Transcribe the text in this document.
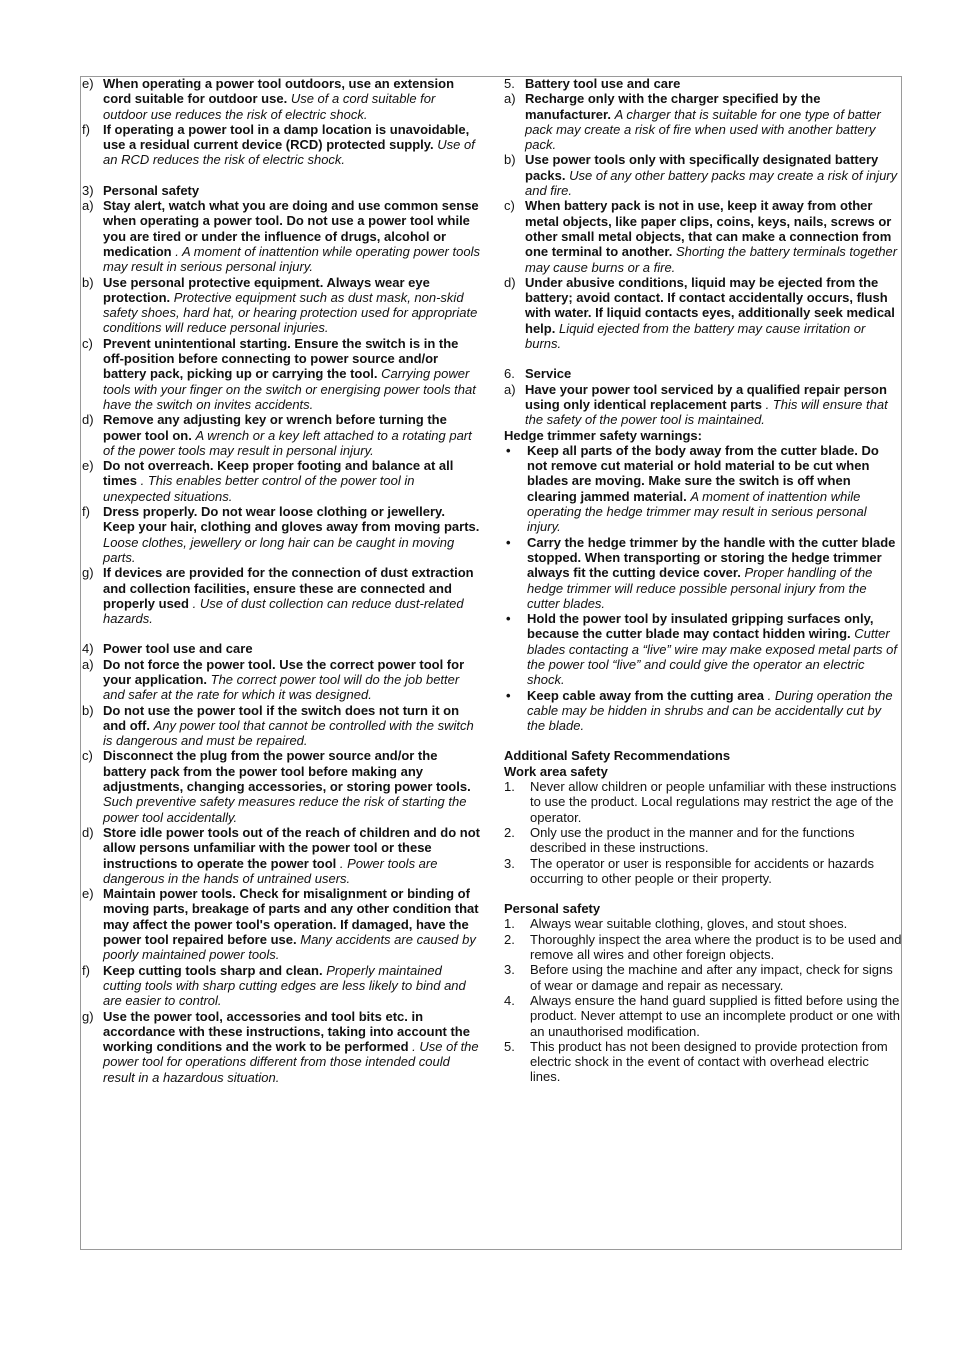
e) When operating a power tool outdoors, use an extension cord suitable for outdoor use. Use of a cord suitable for outdoor use reduces the risk of electric shock.
f)	If operating a power tool in a damp location is unavoidable, use a residual current device (RCD) protected supply. Use of an RCD reduces the risk of electric shock.
3) Personal safety
a) Stay alert, watch what you are doing and use common sense when operating a power tool. Do not use a power tool while you are tired or under the influence of drugs, alcohol or medication . A moment of inattention while operating power tools may result in serious personal injury.
b) Use personal protective equipment. Always wear eye protection. Protective equipment such as dust mask, non-skid safety shoes, hard hat, or hearing protection used for appropriate conditions will reduce personal injuries.
c) Prevent unintentional starting. Ensure the switch is in the off-position before connecting to power source and/or battery pack, picking up or carrying the tool. Carrying power tools with your finger on the switch or energising power tools that have the switch on invites accidents.
d) Remove any adjusting key or wrench before turning the power tool on. A wrench or a key left attached to a rotating part of the power tools may result in personal injury.
e) Do not overreach. Keep proper footing and balance at all times . This enables better control of the power tool in unexpected situations.
f)	Dress properly. Do not wear loose clothing or jewellery. Keep your hair, clothing and gloves away from moving parts. Loose clothes, jewellery or long hair can be caught in moving parts.
g) If devices are provided for the connection of dust extraction and collection facilities, ensure these are connected and properly used . Use of dust collection can reduce dust-related hazards.
4) Power tool use and care
a) Do not force the power tool. Use the correct power tool for your application. The correct power tool will do the job better and safer at the rate for which it was designed.
b) Do not use the power tool if the switch does not turn it on and off. Any power tool that cannot be controlled with the switch is dangerous and must be repaired.
c) Disconnect the plug from the power source and/or the battery pack from the power tool before making any adjustments, changing accessories, or storing power tools. Such preventive safety measures reduce the risk of starting the power tool accidentally.
d) Store idle power tools out of the reach of children and do not allow persons unfamiliar with the power tool or these instructions to operate the power tool . Power tools are dangerous in the hands of untrained users.
e) Maintain power tools. Check for misalignment or binding of moving parts, breakage of parts and any other condition that may affect the power tool's operation. If damaged, have the power tool repaired before use. Many accidents are caused by poorly maintained power tools.
f)	Keep cutting tools sharp and clean. Properly maintained cutting tools with sharp cutting edges are less likely to bind and are easier to control.
g) Use the power tool, accessories and tool bits etc. in accordance with these instructions, taking into account the working conditions and the work to be performed . Use of the power tool for operations different from those intended could result in a hazardous situation.
5. Battery tool use and care
a) Recharge only with the charger specified by the manufacturer. A charger that is suitable for one type of batter pack may create a risk of fire when used with another battery pack.
b) Use power tools only with specifically designated battery packs. Use of any other battery packs may create a risk of injury and fire.
c) When battery pack is not in use, keep it away from other metal objects, like paper clips, coins, keys, nails, screws or other small metal objects, that can make a connection from one terminal to another. Shorting the battery terminals together may cause burns or a fire.
d) Under abusive conditions, liquid may be ejected from the battery; avoid contact. If contact accidentally occurs, flush with water. If liquid contacts eyes, additionally seek medical help. Liquid ejected from the battery may cause irritation or burns.
6. Service
a) Have your power tool serviced by a qualified repair person using only identical replacement parts . This will ensure that the safety of the power tool is maintained.
Hedge trimmer safety warnings:
•	Keep all parts of the body away from the cutter blade. Do not remove cut material or hold material to be cut when blades are moving. Make sure the switch is off when clearing jammed material. A moment of inattention while operating the hedge trimmer may result in serious personal injury.
•	Carry the hedge trimmer by the handle with the cutter blade stopped. When transporting or storing the hedge trimmer always fit the cutting device cover. Proper handling of the hedge trimmer will reduce possible personal injury from the cutter blades.
•	Hold the power tool by insulated gripping surfaces only, because the cutter blade may contact hidden wiring. Cutter blades contacting a “live” wire may make exposed metal parts of the power tool “live” and could give the operator an electric shock.
•	Keep cable away from the cutting area . During operation the cable may be hidden in shrubs and can be accidentally cut by the blade.
Additional Safety Recommendations
Work area safety
1.	Never allow children or people unfamiliar with these instructions to use the product. Local regulations may restrict the age of the operator.
2.	Only use the product in the manner and for the functions described in these instructions.
3.	The operator or user is responsible for accidents or hazards occurring to other people or their property.
Personal safety
1.	Always wear suitable clothing, gloves, and stout shoes.
2.	Thoroughly inspect the area where the product is to be used and remove all wires and other foreign objects.
3.	Before using the machine and after any impact, check for signs of wear or damage and repair as necessary.
4.	Always ensure the hand guard supplied is fitted before using the product. Never attempt to use an incomplete product or one with an unauthorised modification.
5.	This product has not been designed to provide protection from electric shock in the event of contact with overhead electric lines.
